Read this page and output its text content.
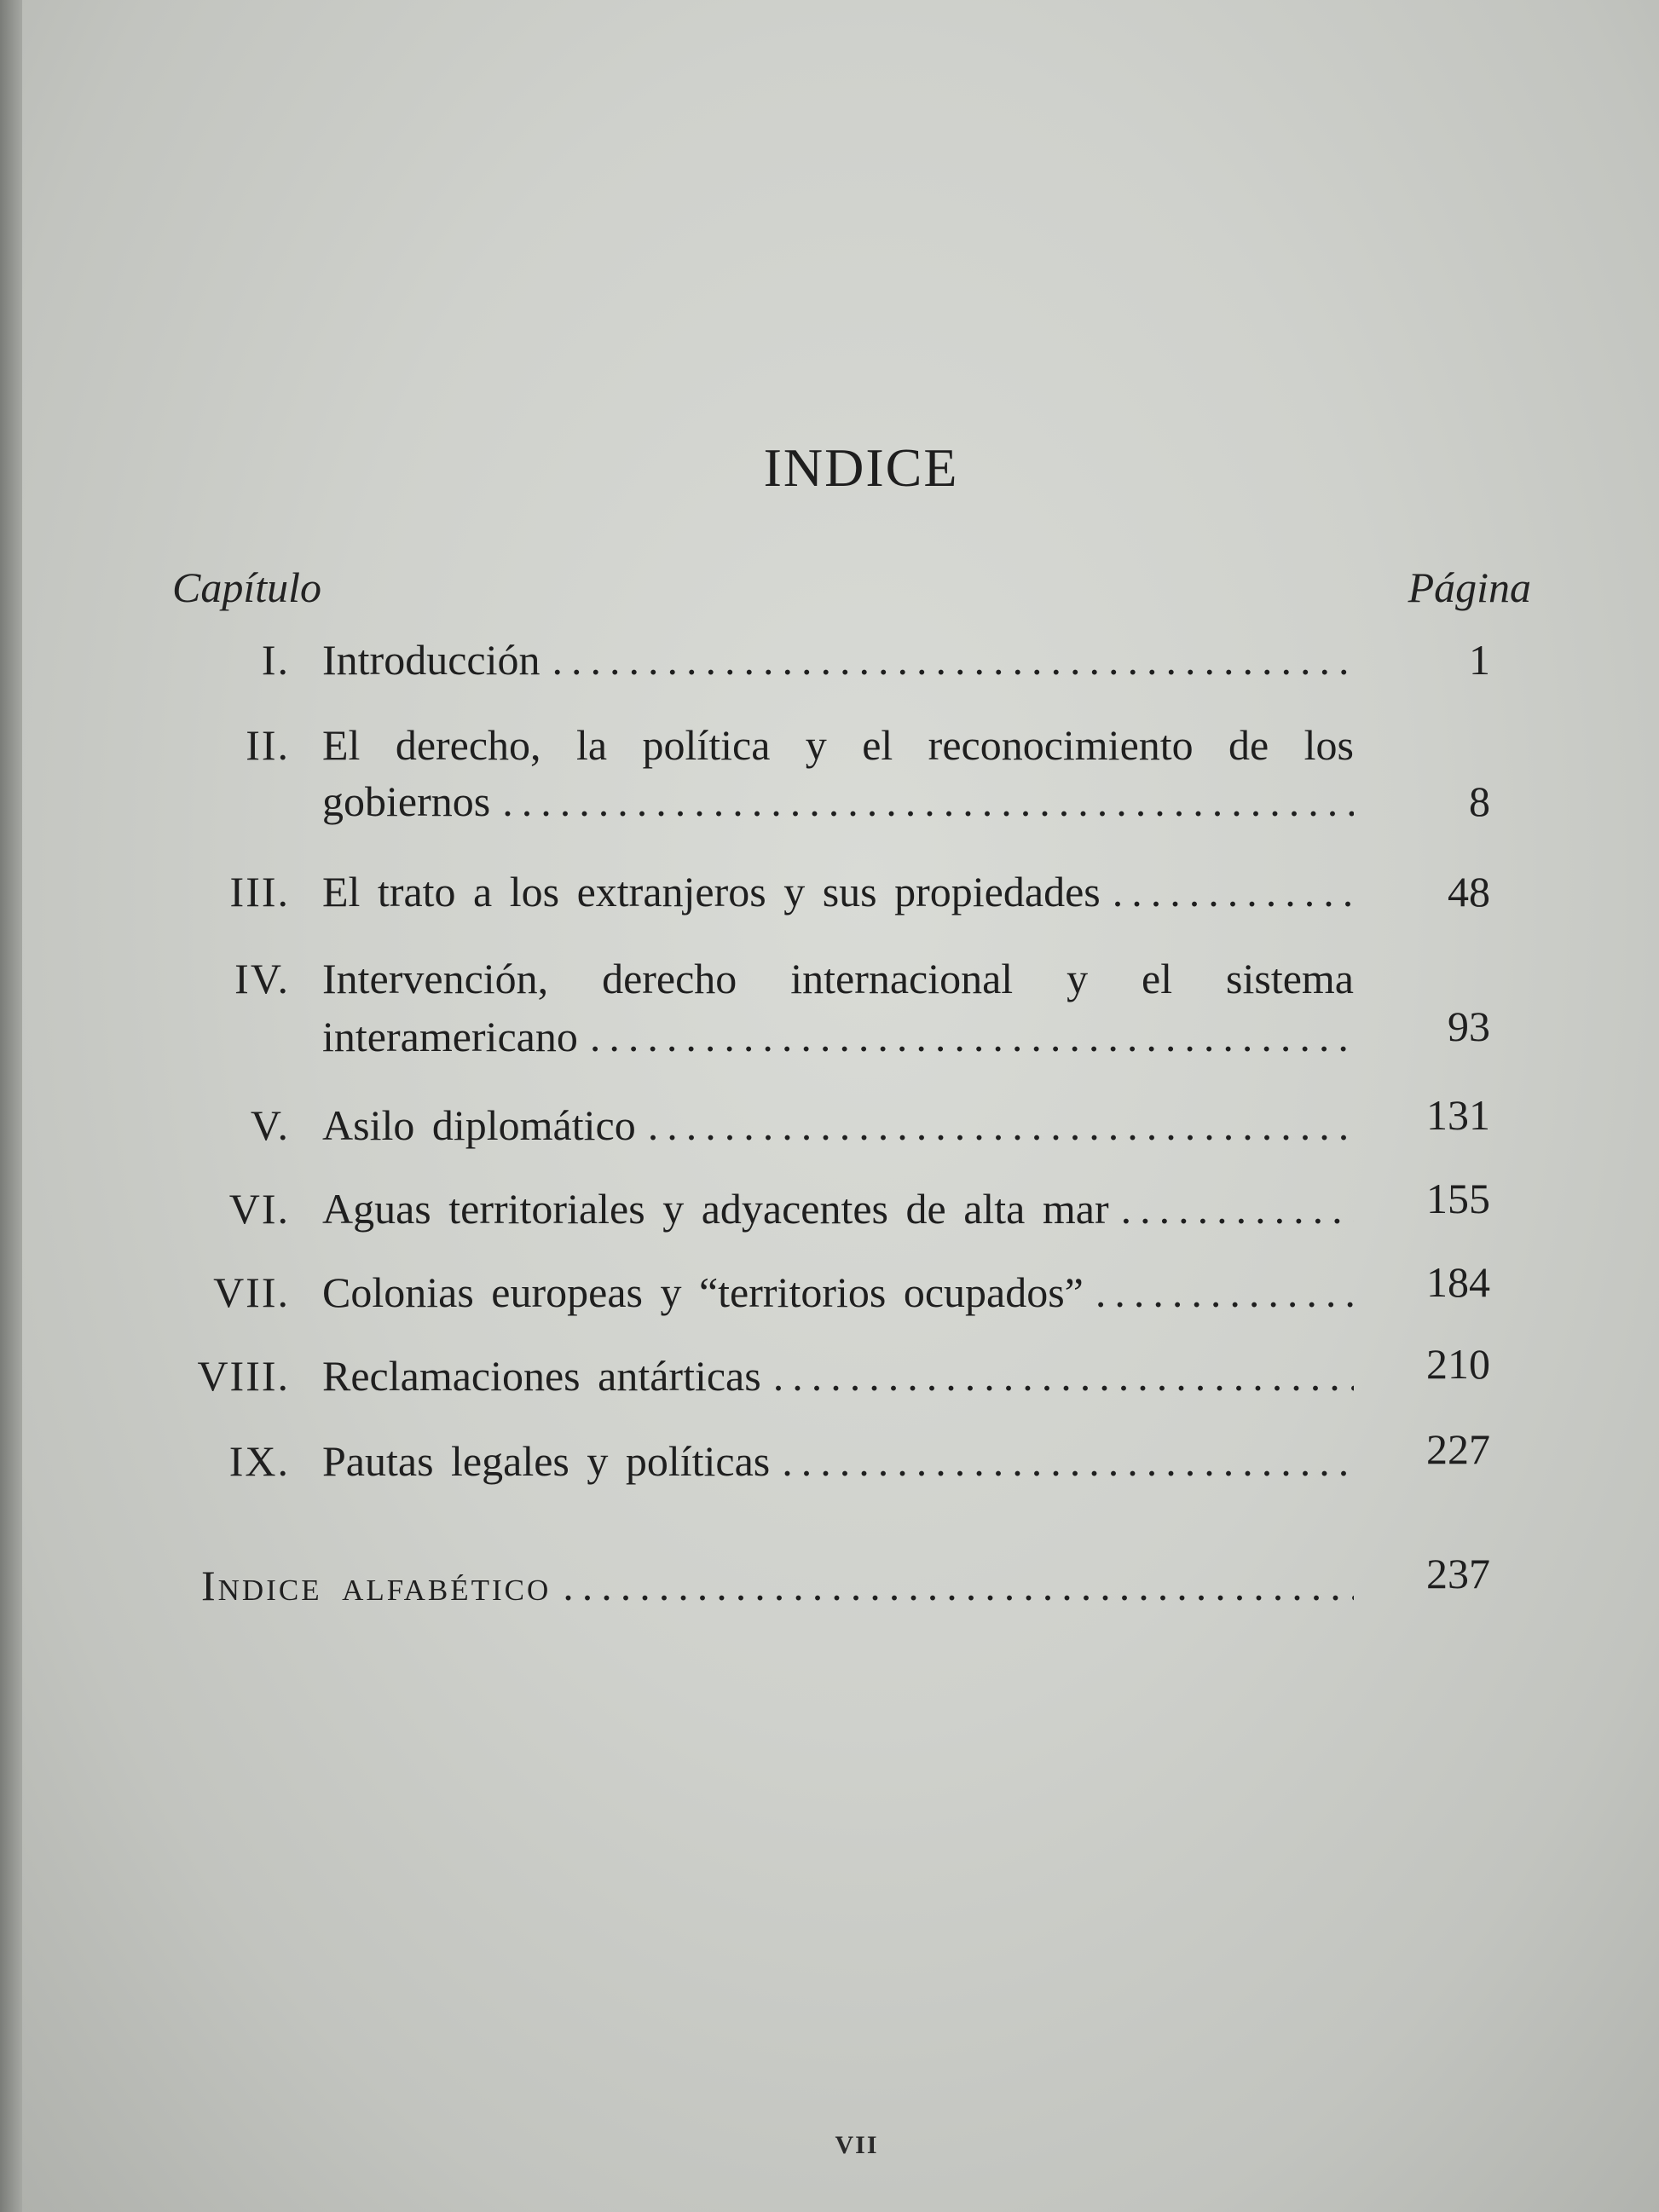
INDICE
Capítulo	Página
I. Introducción .....	1
II. El derecho, la política y el reconocimiento de los
gobiernos .....	8
III. El trato a los extranjeros y sus propiedades .....	48
IV. Intervención, derecho internacional y el sistema
interamericano .....	93
V. Asilo diplomático .....	131
VI. Aguas territoriales y adyacentes de alta mar .....	155
VII. Colonias europeas y “territorios ocupados” .....	184
VIII. Reclamaciones antárticas .....	210
IX. Pautas legales y políticas .....	227
Indice alfabético .....	237
VII
